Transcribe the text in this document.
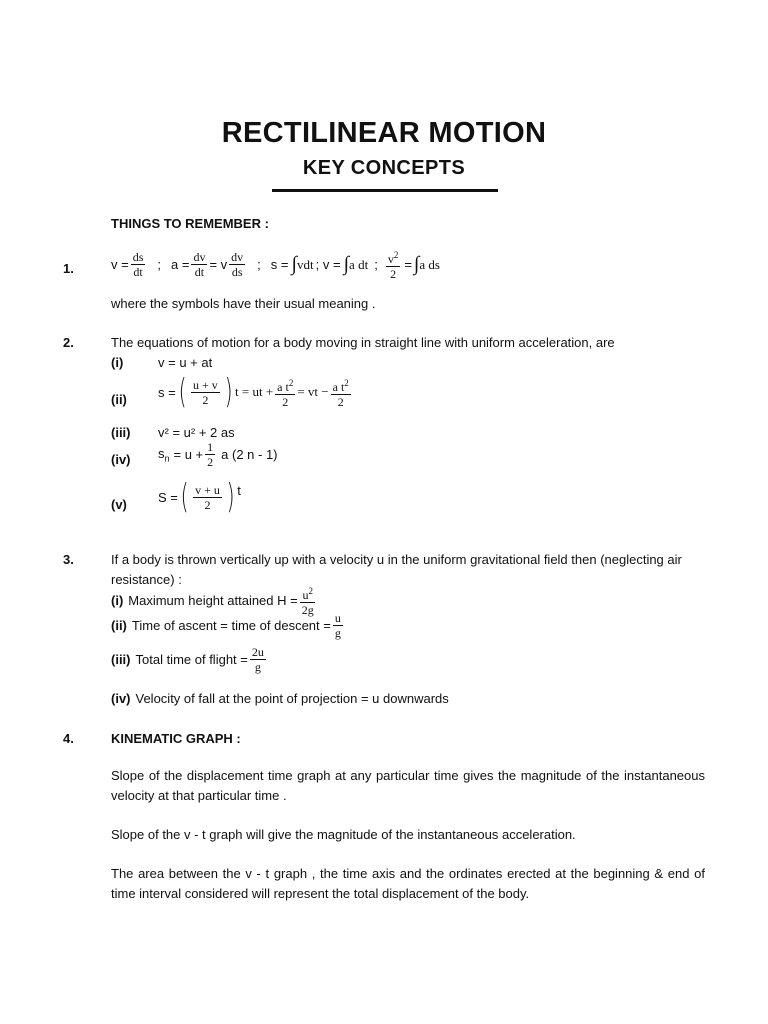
RECTILINEAR MOTION
KEY CONCEPTS
THINGS TO REMEMBER :
1.	$v = \frac{ds}{dt}$ ; $a = \frac{dv}{dt} = v \frac{dv}{ds}$ ; s = ∫ vdt ; v = ∫ a dt ; $\frac{v^2}{2}$ = ∫ a ds
where the symbols have their usual meaning .
2.	The equations of motion for a body moving in straight line with uniform acceleration, are
(i)	v = u + at
(ii) s = ( $\frac{u + v}{2}$ ) t = ut + $\frac{a t^2}{2}$ = vt − $\frac{a t^2}{2}$
(iii) v² = u² + 2 as
(iv) $s_n = u + \frac{1}{2}$ a (2 n - 1)
(v) S = ( $\frac{v + u}{2}$ ) t
3.	If a body is thrown vertically up with a velocity u in the uniform gravitational field then (neglecting air
resistance) :
(i) Maximum height attained $H = \frac{u^2}{2g}$
(ii) Time of ascent = time of descent = $\frac{u}{g}$
(iii) Total time of flight = $\frac{2u}{g}$
(iv) Velocity of fall at the point of projection = u downwards
4.	KINEMATIC GRAPH :
Slope of the displacement time graph at any particular time gives the magnitude of the instantaneous velocity at that particular time .
Slope of the v - t graph will give the magnitude of the instantaneous acceleration.
The area between the v - t graph , the time axis and the ordinates erected at the beginning & end of time interval considered will represent the total displacement of the body.
